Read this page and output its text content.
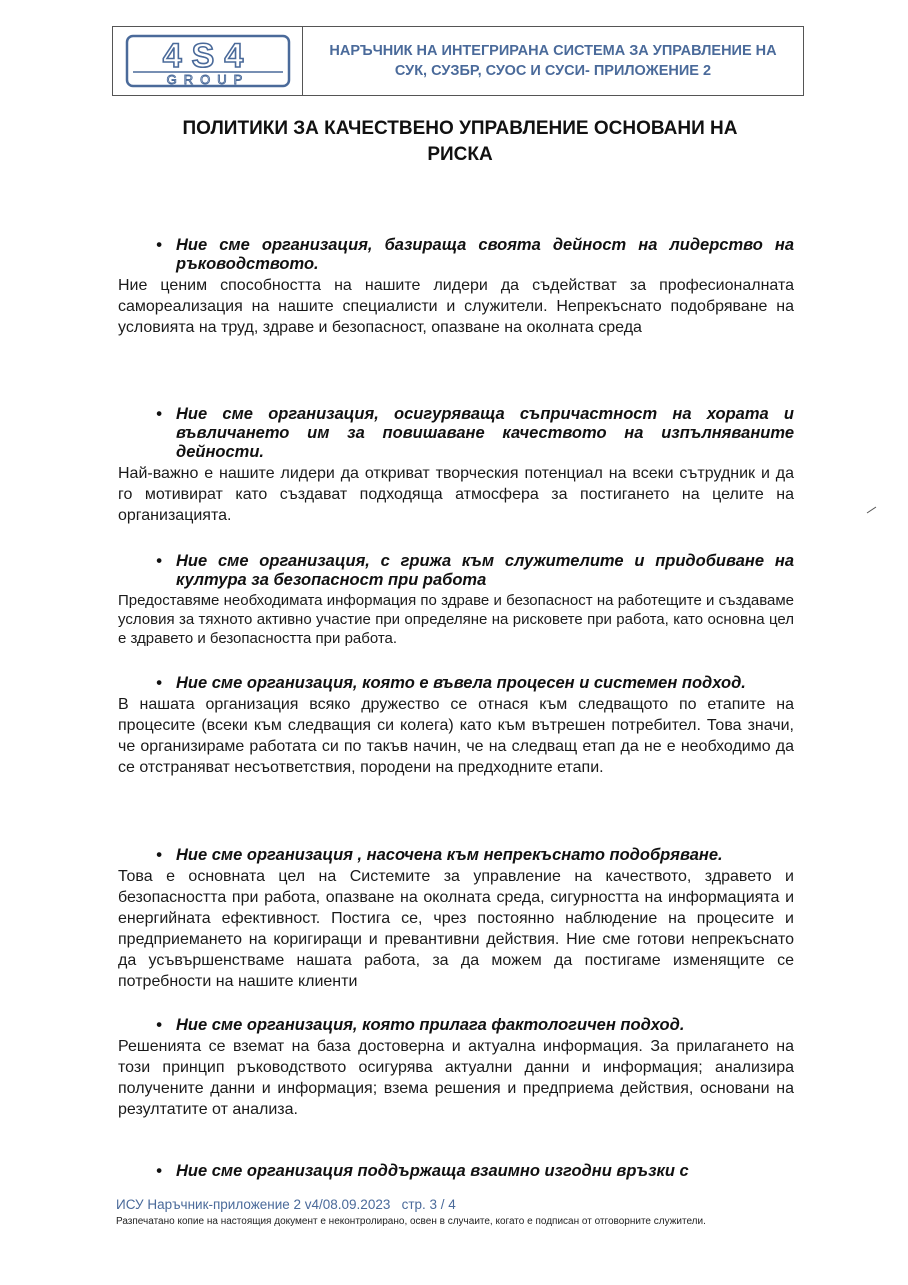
4S4
GROUP
НАРЪЧНИК НА ИНТЕГРИРАНА СИСТЕМА ЗА УПРАВЛЕНИЕ НА
СУК, СУЗБР, СУОС И СУСИ- ПРИЛОЖЕНИЕ 2
ПОЛИТИКИ ЗА КАЧЕСТВЕНО УПРАВЛЕНИЕ ОСНОВАНИ НА
РИСКА
• Ние сме организация, базираща своята дейност на лидерство на ръководството.
Ние ценим способността на нашите лидери да съдействат за професионалната самореализация на нашите специалисти и служители. Непрекъснато подобряване на условията на труд, здраве и безопасност, опазване на околната среда
• Ние сме организация, осигуряваща съпричастност на хората и въвличането им за повишаване качеството на изпълняваните дейности.
Най-важно е нашите лидери да откриват творческия потенциал на всеки сътрудник и да го мотивират като създават подходяща атмосфера за постигането на целите на организацията.
• Ние сме организация, с грижа към служителите и придобиване на култура за безопасност при работа
Предоставяме необходимата информация по здраве и безопасност на работещите и създаваме условия за тяхното активно участие при определяне на рисковете при работа, като основна цел е здравето и безопасността при работа.
• Ние сме организация, която е въвела процесен и системен подход.
В нашата организация всяко дружество се отнася към следващото по етапите на процесите (всеки към следващия си колега) като към вътрешен потребител. Това значи, че организираме работата си по такъв начин, че на следващ етап да не е необходимо да се отстраняват несъответствия, породени на предходните етапи.
• Ние сме организация , насочена към непрекъснато подобряване.
Това е основната цел на Системите за управление на качеството, здравето и безопасността при работа, опазване на околната среда, сигурността на информацията и енергийната ефективност. Постига се, чрез постоянно наблюдение на процесите и предприемането на коригиращи и превантивни действия. Ние сме готови непрекъснато да усъвършенстваме нашата работа, за да можем да постигаме изменящите се потребности на нашите клиенти
• Ние сме организация, която прилага фактологичен подход.
Решенията се вземат на база достоверна и актуална информация. За прилагането на този принцип ръководството осигурява актуални данни и информация; анализира получените данни и информация; взема решения и предприема действия, основани на резултатите от анализа.
• Ние сме организация поддържаща взаимно изгодни връзки с
ИСУ Наръчник-приложение 2 v4/08.09.2023 стр. 3 / 4
Разпечатано копие на настоящия документ е неконтролирано, освен в случаите, когато е подписан от отговорните служители.
